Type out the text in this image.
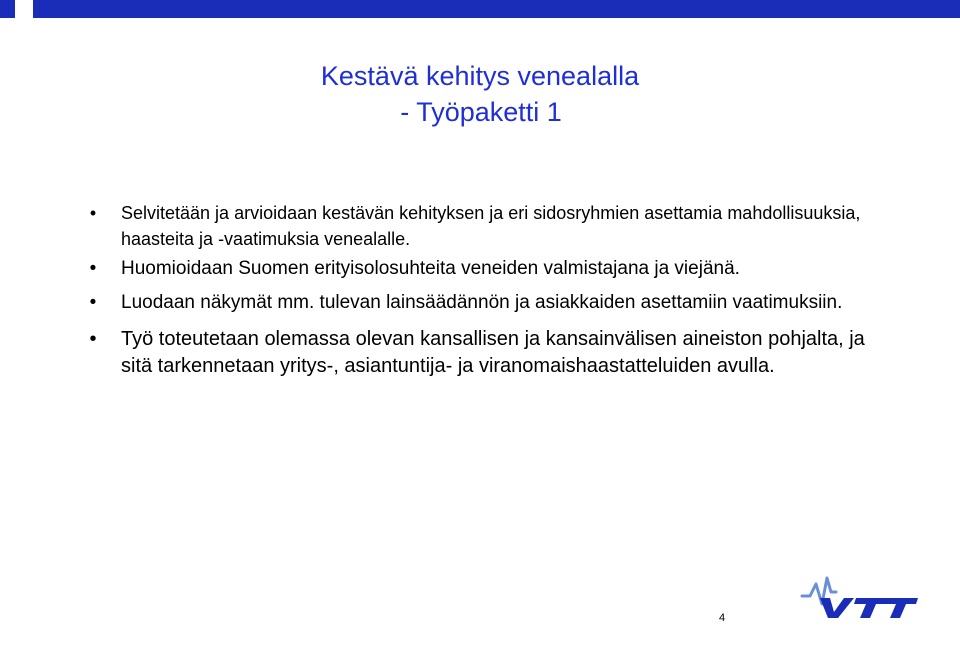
Kestävä kehitys venealalla
- Työpaketti 1
• Selvitetään ja arvioidaan kestävän kehityksen ja eri sidosryhmien asettamia mahdollisuuksia, haasteita ja -vaatimuksia venealalle.
• Huomioidaan Suomen erityisolosuhteita veneiden valmistajana ja viejänä.
• Luodaan näkymät mm. tulevan lainsäädännön ja asiakkaiden asettamiin vaatimuksiin.
• Työ toteutetaan olemassa olevan kansallisen ja kansainvälisen aineiston pohjalta, ja sitä tarkennetaan yritys-, asiantuntija- ja viranomaishaastatteluiden avulla.
4
